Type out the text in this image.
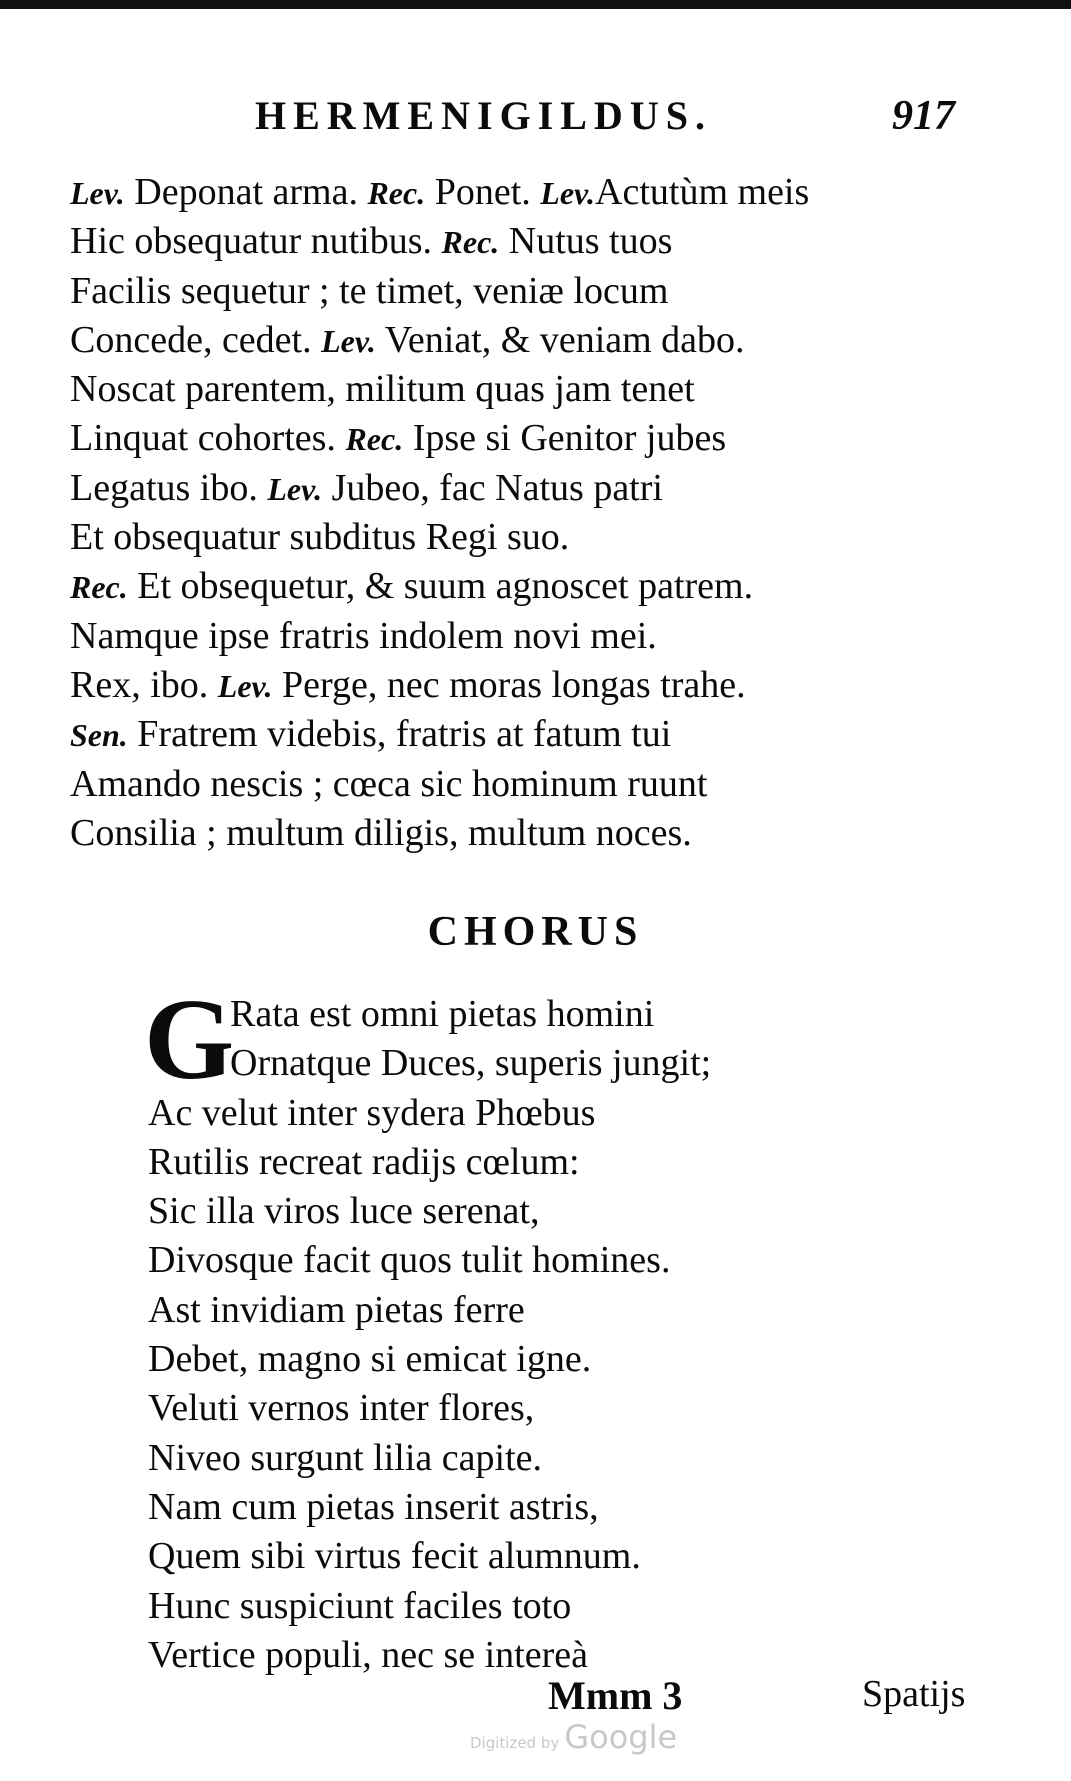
HERMENIGILDUS.	917
Lev. Deponat arma. Rec. Ponet. Lev.Actutùm meis
Hic obsequatur nutibus. Rec. Nutus tuos
Facilis sequetur ; te timet, veniæ locum
Concede, cedet. Lev. Veniat, & veniam dabo.
Noscat parentem, militum quas jam tenet
Linquat cohortes. Rec. Ipse si Genitor jubes
Legatus ibo. Lev. Jubeo, fac Natus patri
Et obsequatur subditus Regi suo.
Rec. Et obsequetur, & suum agnoscet patrem.
Namque ipse fratris indolem novi mei.
Rex, ibo. Lev. Perge, nec moras longas trahe.
Sen. Fratrem videbis, fratris at fatum tui
Amando nescis ; cœca sic hominum ruunt
Consilia ; multum diligis, multum noces.
CHORUS
G
Rata est omni pietas homini
Ornatque Duces, superis jungit;
Ac velut inter sydera Phœbus
Rutilis recreat radijs cœlum:
Sic illa viros luce serenat,
Divosque facit quos tulit homines.
Ast invidiam pietas ferre
Debet, magno si emicat igne.
Veluti vernos inter flores,
Niveo surgunt lilia capite.
Nam cum pietas inserit astris,
Quem sibi virtus fecit alumnum.
Hunc suspiciunt faciles toto
Vertice populi, nec se intereà
Mmm 3	Spatijs
Digitized by Google
